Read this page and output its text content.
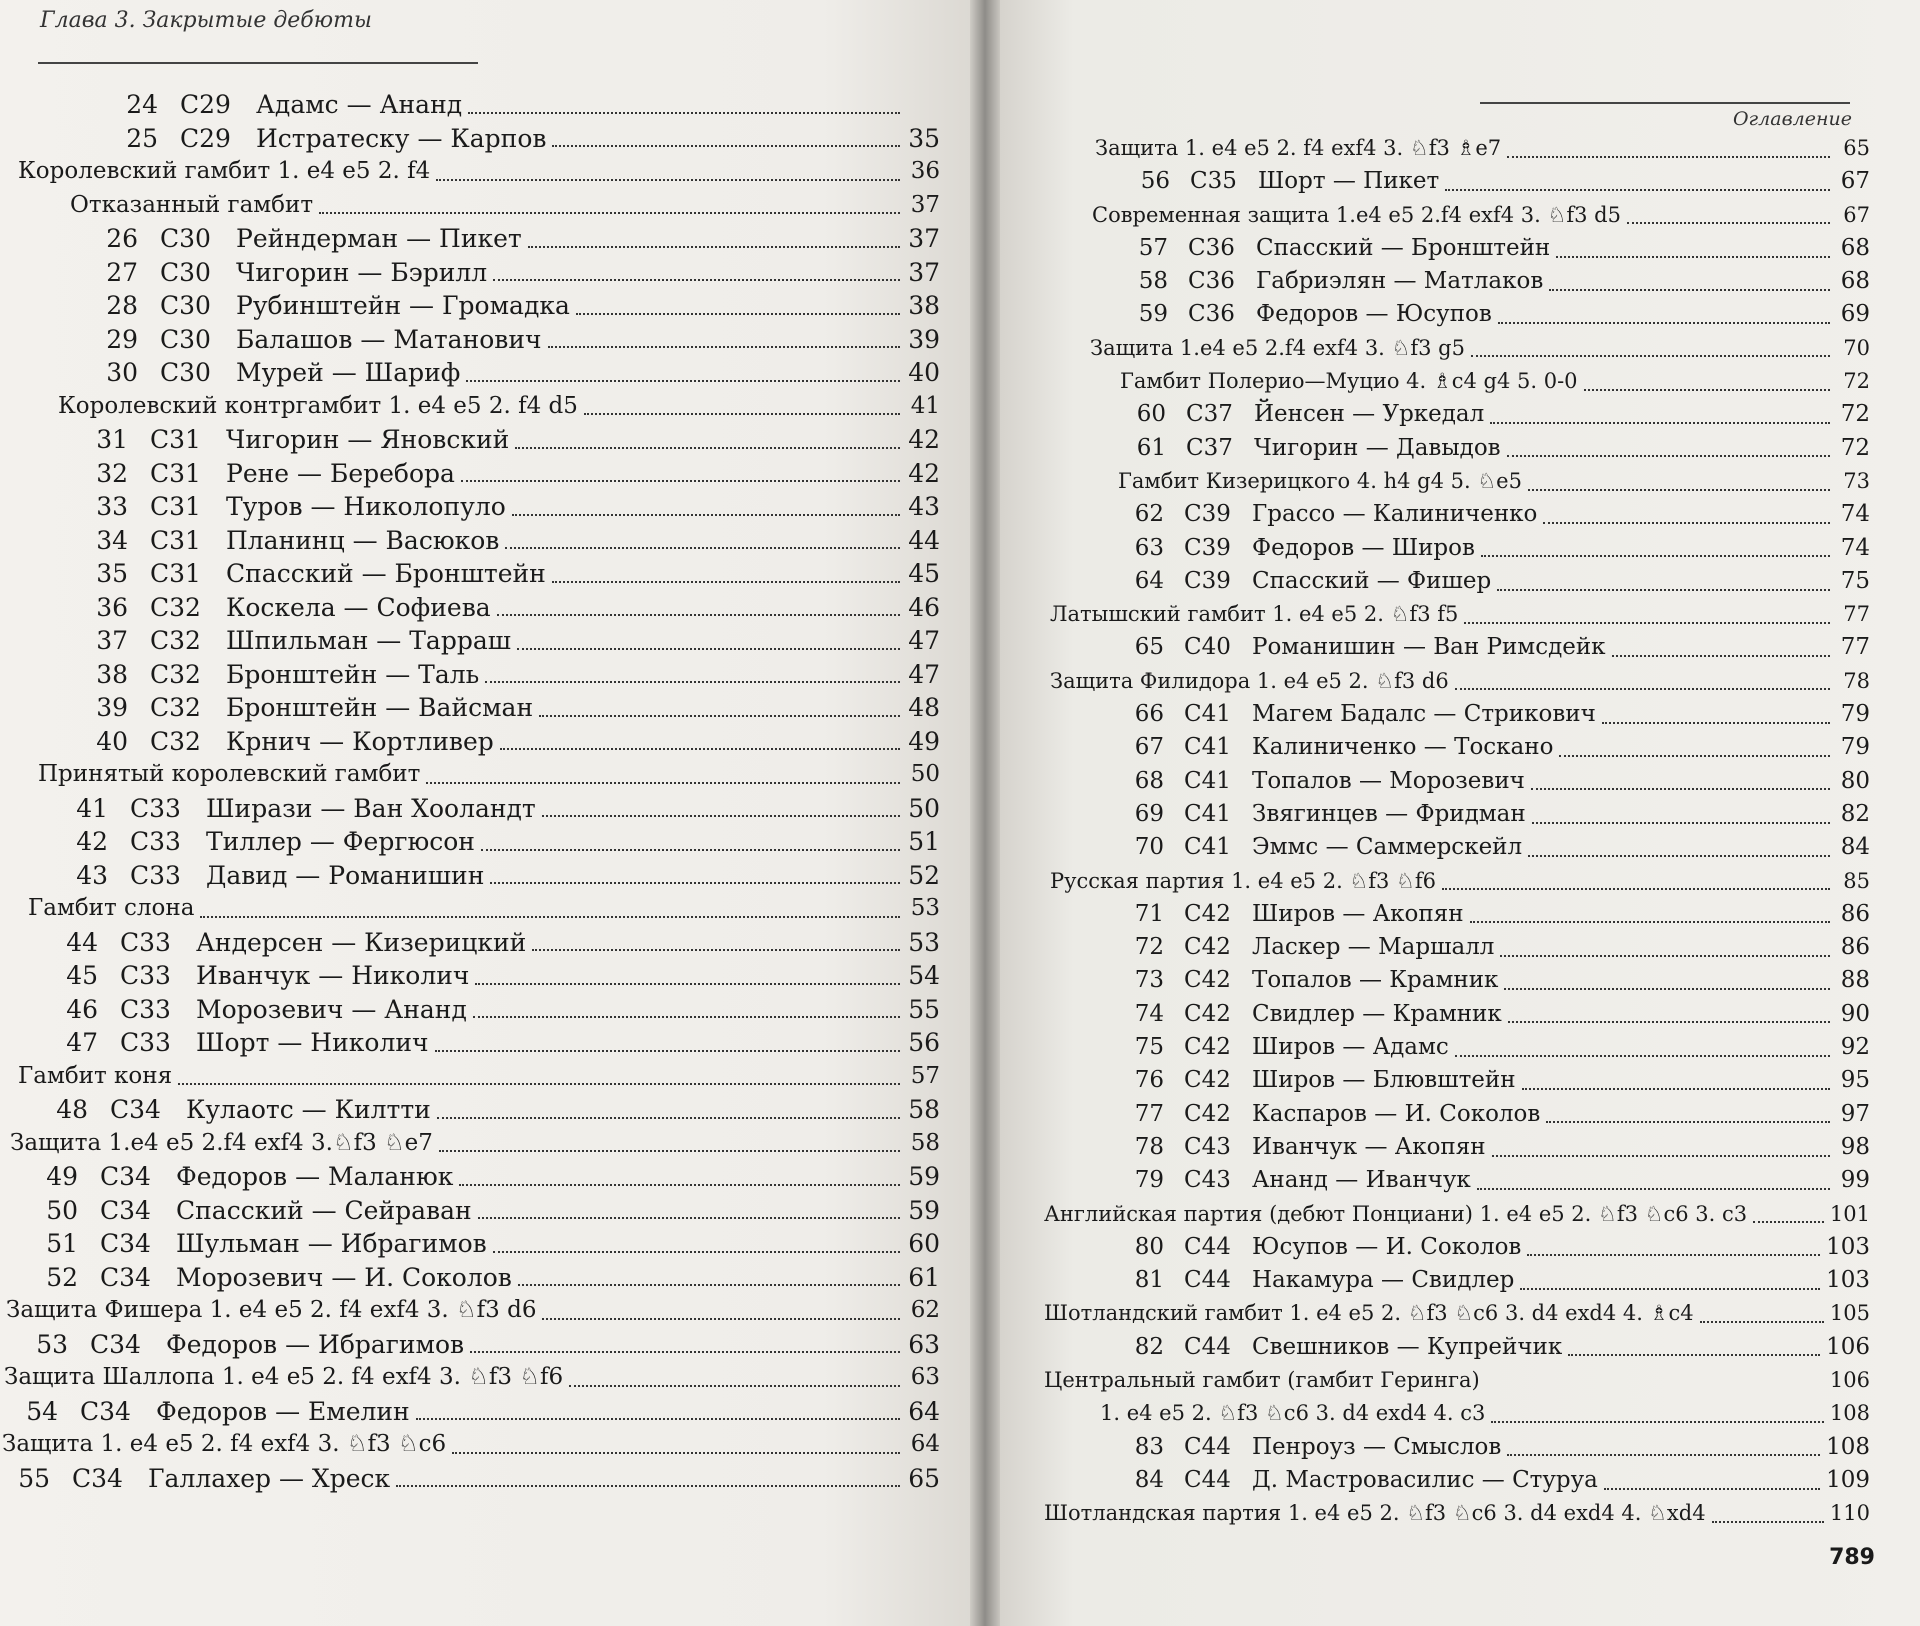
Глава 3. Закрытые дебюты
24 C29	Адамс — Ананд
25 C29	Истратеску — Карпов	35
Королевский гамбит 1. e4 e5 2. f4	36
Отказанный гамбит	37
26 C30	Рейндерман — Пикет	37
27 C30	Чигорин — Бэрилл	37
28 C30	Рубинштейн — Громадка	38
29 C30	Балашов — Матанович	39
30 C30	Мурей — Шариф	40
Королевский контргамбит 1. e4 e5 2. f4 d5	41
31 C31	Чигорин — Яновский	42
32 C31	Рене — Беребора	42
33 C31	Туров — Николопуло	43
34 C31	Планинц — Васюков	44
35 C31	Спасский — Бронштейн	45
36 C32	Коскела — Софиева	46
37 C32	Шпильман — Тарраш	47
38 C32	Бронштейн — Таль	47
39 C32	Бронштейн — Вайсман	48
40 C32	Крнич — Кортливер	49
Принятый королевский гамбит	50
41 C33	Ширази — Ван Хооландт	50
42 C33	Тиллер — Фергюсон	51
43 C33	Давид — Романишин	52
Гамбит слона	53
44 C33	Андерсен — Кизерицкий	53
45 C33	Иванчук — Николич	54
46 C33	Морозевич — Ананд	55
47 C33	Шорт — Николич	56
Гамбит коня	57
48 C34	Кулаотс — Килтти	58
Защита 1.e4 e5 2.f4 exf4 3.♘f3 ♘e7	58
49 C34	Федоров — Маланюк	59
50 C34	Спасский — Сейраван	59
51 C34	Шульман — Ибрагимов	60
52 C34	Морозевич — И. Соколов	61
Защита Фишера 1. e4 e5 2. f4 exf4 3. ♘f3 d6	62
53 C34	Федоров — Ибрагимов	63
Защита Шаллопа 1. e4 e5 2. f4 exf4 3. ♘f3 ♘f6	63
54 C34	Федоров — Емелин	64
Защита 1. e4 e5 2. f4 exf4 3. ♘f3 ♘c6	64
55 C34	Галлахер — Хреск	65
Оглавление
Защита 1. e4 e5 2. f4 exf4 3. ♘f3 ♗e7	65
56 C35 Шорт — Пикет	67
Современная защита 1.e4 e5 2.f4 exf4 3. ♘f3 d5	67
57 C36 Спасский — Бронштейн	68
58 C36 Габриэлян — Матлаков	68
59 C36 Федоров — Юсупов	69
Защита 1.e4 e5 2.f4 exf4 3. ♘f3 g5	70
Гамбит Полерио—Муцио 4. ♗c4 g4 5. 0-0	72
60 C37 Йенсен — Уркедал	72
61 C37 Чигорин — Давыдов	72
Гамбит Кизерицкого 4. h4 g4 5. ♘e5	73
62 C39 Грассо — Калиниченко	74
63 C39 Федоров — Широв	74
64 C39 Спасский — Фишер	75
Латышский гамбит 1. e4 e5 2. ♘f3 f5	77
65 C40 Романишин — Ван Римсдейк	77
Защита Филидора 1. e4 e5 2. ♘f3 d6	78
66 C41 Магем Бадалс — Стрикович	79
67 C41 Калиниченко — Тоскано	79
68 C41 Топалов — Морозевич	80
69 C41 Звягинцев — Фридман	82
70 C41 Эммс — Саммерскейл	84
Русская партия 1. e4 e5 2. ♘f3 ♘f6	85
71 C42 Широв — Акопян	86
72 C42 Ласкер — Маршалл	86
73 C42 Топалов — Крамник	88
74 C42 Свидлер — Крамник	90
75 C42 Широв — Адамс	92
76 C42 Широв — Блювштейн	95
77 C42 Каспаров — И. Соколов	97
78 C43 Иванчук — Акопян	98
79 C43 Ананд — Иванчук	99
Английская партия (дебют Понциани) 1. e4 e5 2. ♘f3 ♘c6 3. c3	101
80 C44 Юсупов — И. Соколов	103
81 C44 Накамура — Свидлер	103
Шотландский гамбит 1. e4 e5 2. ♘f3 ♘c6 3. d4 exd4 4. ♗c4	105
82 C44 Свешников — Купрейчик	106
Центральный гамбит (гамбит Геринга)	106
1. e4 e5 2. ♘f3 ♘c6 3. d4 exd4 4. c3	108
83 C44 Пенроуз — Смыслов	108
84 C44 Д. Мастровасилис — Стуруа	109
Шотландская партия 1. e4 e5 2. ♘f3 ♘c6 3. d4 exd4 4. ♘xd4	110
789
